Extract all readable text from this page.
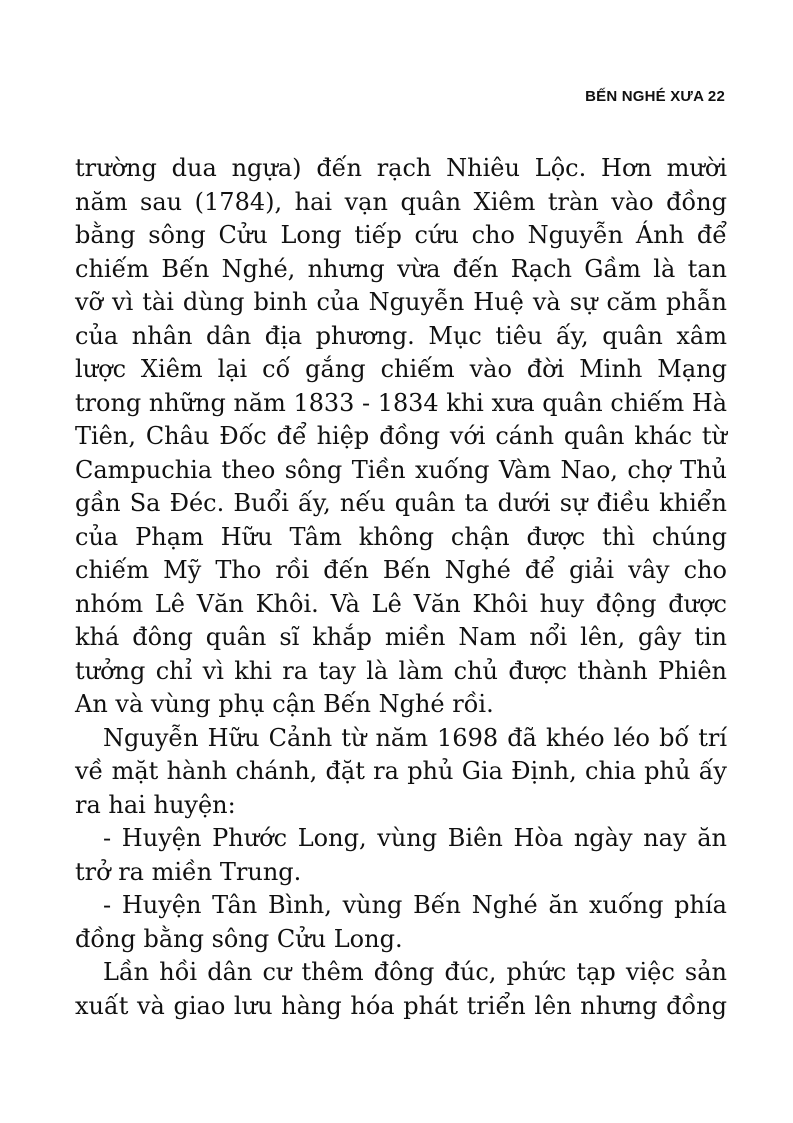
BẾN NGHÉ XƯA 22
trường dua ngựa) đến rạch Nhiêu Lộc. Hơn mười
năm sau (1784), hai vạn quân Xiêm tràn vào đồng
bằng sông Cửu Long tiếp cứu cho Nguyễn Ánh để
chiếm Bến Nghé, nhưng vừa đến Rạch Gầm là tan
vỡ vì tài dùng binh của Nguyễn Huệ và sự căm phẫn
của nhân dân địa phương. Mục tiêu ấy, quân xâm
lược Xiêm lại cố gắng chiếm vào đời Minh Mạng
trong những năm 1833 - 1834 khi xưa quân chiếm Hà
Tiên, Châu Đốc để hiệp đồng với cánh quân khác từ
Campuchia theo sông Tiền xuống Vàm Nao, chợ Thủ
gần Sa Đéc. Buổi ấy, nếu quân ta dưới sự điều khiển
của Phạm Hữu Tâm không chận được thì chúng
chiếm Mỹ Tho rồi đến Bến Nghé để giải vây cho
nhóm Lê Văn Khôi. Và Lê Văn Khôi huy động được
khá đông quân sĩ khắp miền Nam nổi lên, gây tin
tưởng chỉ vì khi ra tay là làm chủ được thành Phiên
An và vùng phụ cận Bến Nghé rồi.
Nguyễn Hữu Cảnh từ năm 1698 đã khéo léo bố trí
về mặt hành chánh, đặt ra phủ Gia Định, chia phủ ấy
ra hai huyện:
- Huyện Phước Long, vùng Biên Hòa ngày nay ăn
trở ra miền Trung.
- Huyện Tân Bình, vùng Bến Nghé ăn xuống phía
đồng bằng sông Cửu Long.
Lần hồi dân cư thêm đông đúc, phức tạp việc sản
xuất và giao lưu hàng hóa phát triển lên nhưng đồng
